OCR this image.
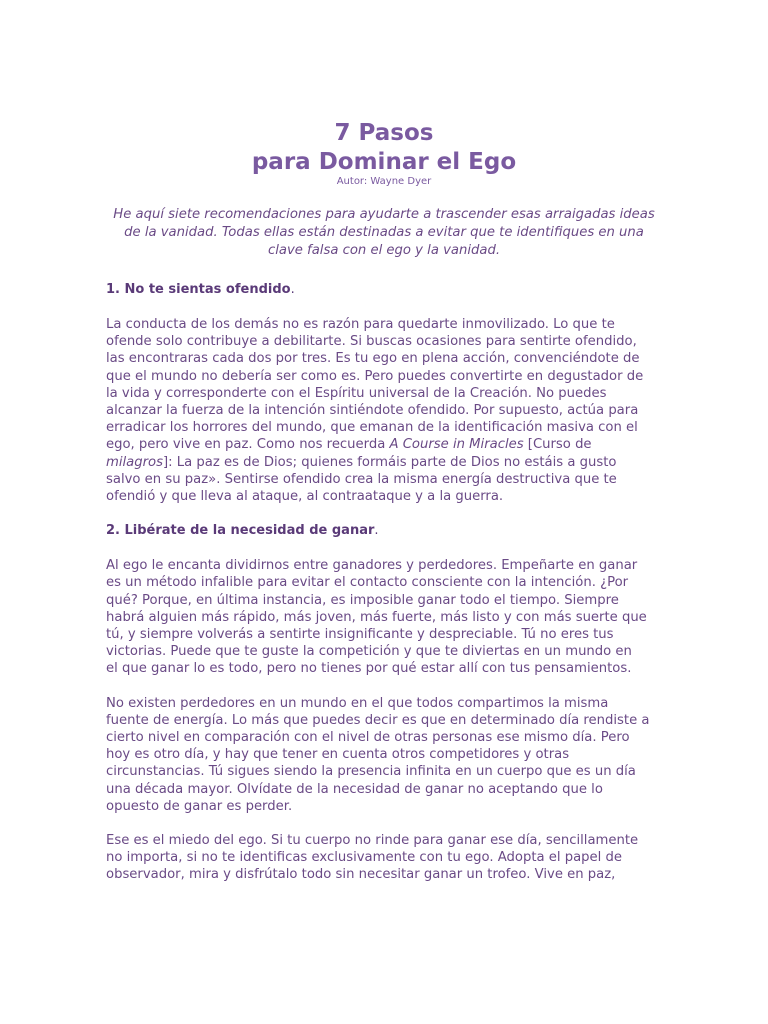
7 Pasos
para Dominar el Ego

Autor: Wayne Dyer

He aquí siete recomendaciones para ayudarte a trascender esas arraigadas ideas
de la vanidad. Todas ellas están destinadas a evitar que te identifiques en una
clave falsa con el ego y la vanidad.

1. No te sientas ofendido.

La conducta de los demás no es razón para quedarte inmovilizado. Lo que te
ofende solo contribuye a debilitarte. Si buscas ocasiones para sentirte ofendido,
las encontraras cada dos por tres. Es tu ego en plena acción, convenciéndote de
que el mundo no debería ser como es. Pero puedes convertirte en degustador de
la vida y corresponderte con el Espíritu universal de la Creación. No puedes
alcanzar la fuerza de la intención sintiéndote ofendido. Por supuesto, actúa para
erradicar los horrores del mundo, que emanan de la identificación masiva con el
ego, pero vive en paz. Como nos recuerda A Course in Miracles [Curso de
milagros]: La paz es de Dios; quienes formáis parte de Dios no estáis a gusto
salvo en su paz». Sentirse ofendido crea la misma energía destructiva que te
ofendió y que lleva al ataque, al contraataque y a la guerra.

2. Libérate de la necesidad de ganar.

Al ego le encanta dividirnos entre ganadores y perdedores. Empeñarte en ganar
es un método infalible para evitar el contacto consciente con la intención. ¿Por
qué? Porque, en última instancia, es imposible ganar todo el tiempo. Siempre
habrá alguien más rápido, más joven, más fuerte, más listo y con más suerte que
tú, y siempre volverás a sentirte insignificante y despreciable. Tú no eres tus
victorias. Puede que te guste la competición y que te diviertas en un mundo en
el que ganar lo es todo, pero no tienes por qué estar allí con tus pensamientos.

No existen perdedores en un mundo en el que todos compartimos la misma
fuente de energía. Lo más que puedes decir es que en determinado día rendiste a
cierto nivel en comparación con el nivel de otras personas ese mismo día. Pero
hoy es otro día, y hay que tener en cuenta otros competidores y otras
circunstancias. Tú sigues siendo la presencia infinita en un cuerpo que es un día
una década mayor. Olvídate de la necesidad de ganar no aceptando que lo
opuesto de ganar es perder.

Ese es el miedo del ego. Si tu cuerpo no rinde para ganar ese día, sencillamente
no importa, si no te identificas exclusivamente con tu ego. Adopta el papel de
observador, mira y disfrútalo todo sin necesitar ganar un trofeo. Vive en paz,
